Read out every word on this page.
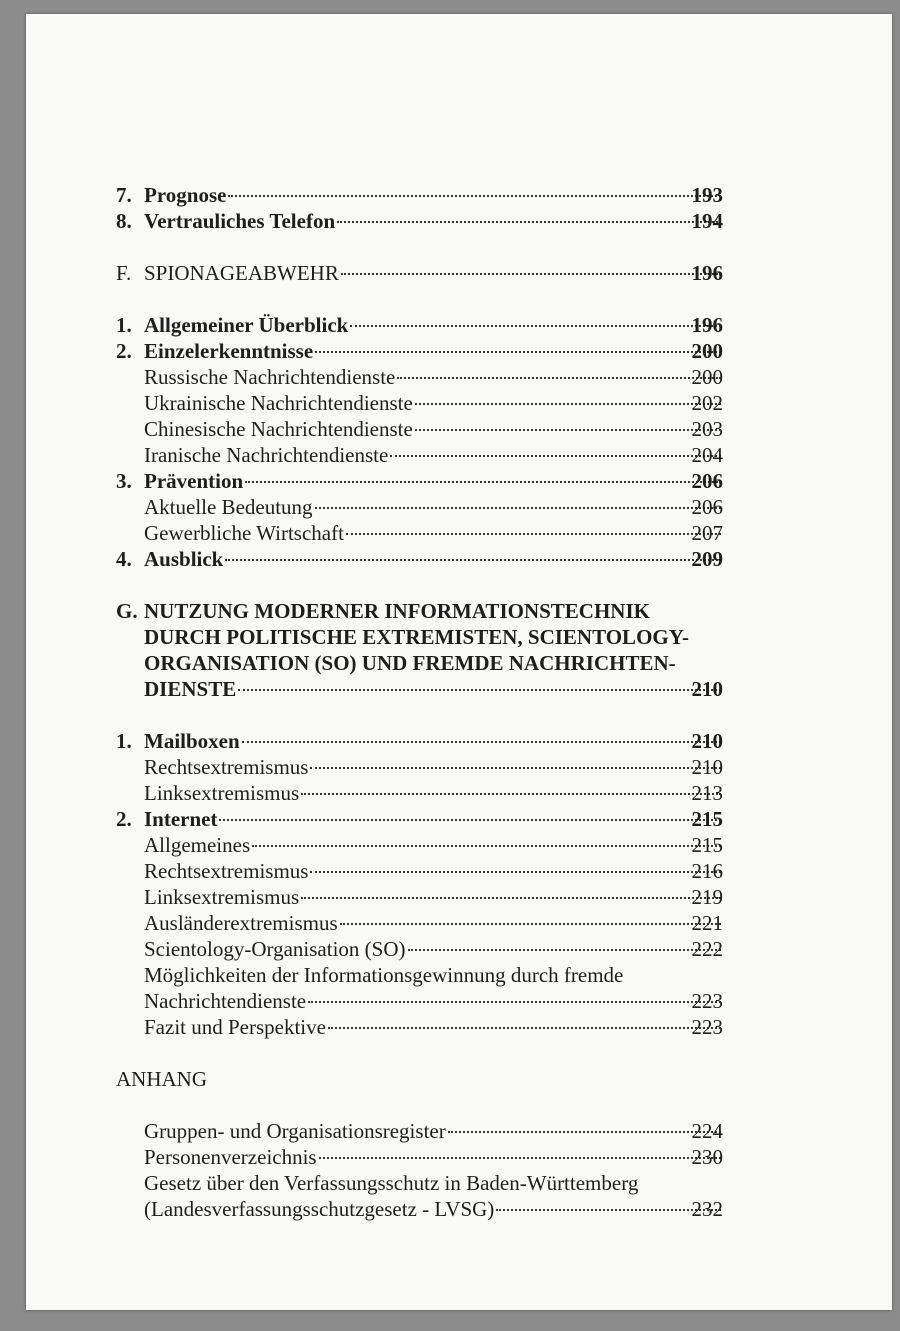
7. Prognose	193
8. Vertrauliches Telefon	194
F. SPIONAGEABWEHR	196
1. Allgemeiner Überblick	196
2. Einzelerkenntnisse	200
Russische Nachrichtendienste	200
Ukrainische Nachrichtendienste	202
Chinesische Nachrichtendienste	203
Iranische Nachrichtendienste	204
3. Prävention	206
Aktuelle Bedeutung	206
Gewerbliche Wirtschaft	207
4. Ausblick	209
G. NUTZUNG MODERNER INFORMATIONSTECHNIK
DURCH POLITISCHE EXTREMISTEN, SCIENTOLOGY-
ORGANISATION (SO) UND FREMDE NACHRICHTEN-
DIENSTE	210
1. Mailboxen	210
Rechtsextremismus	210
Linksextremismus	213
2. Internet	215
Allgemeines	215
Rechtsextremismus	216
Linksextremismus	219
Ausländerextremismus	221
Scientology-Organisation (SO)	222
Möglichkeiten der Informationsgewinnung durch fremde
Nachrichtendienste	223
Fazit und Perspektive	223
ANHANG
Gruppen- und Organisationsregister	224
Personenverzeichnis	230
Gesetz über den Verfassungsschutz in Baden-Württemberg
(Landesverfassungsschutzgesetz - LVSG)	232
